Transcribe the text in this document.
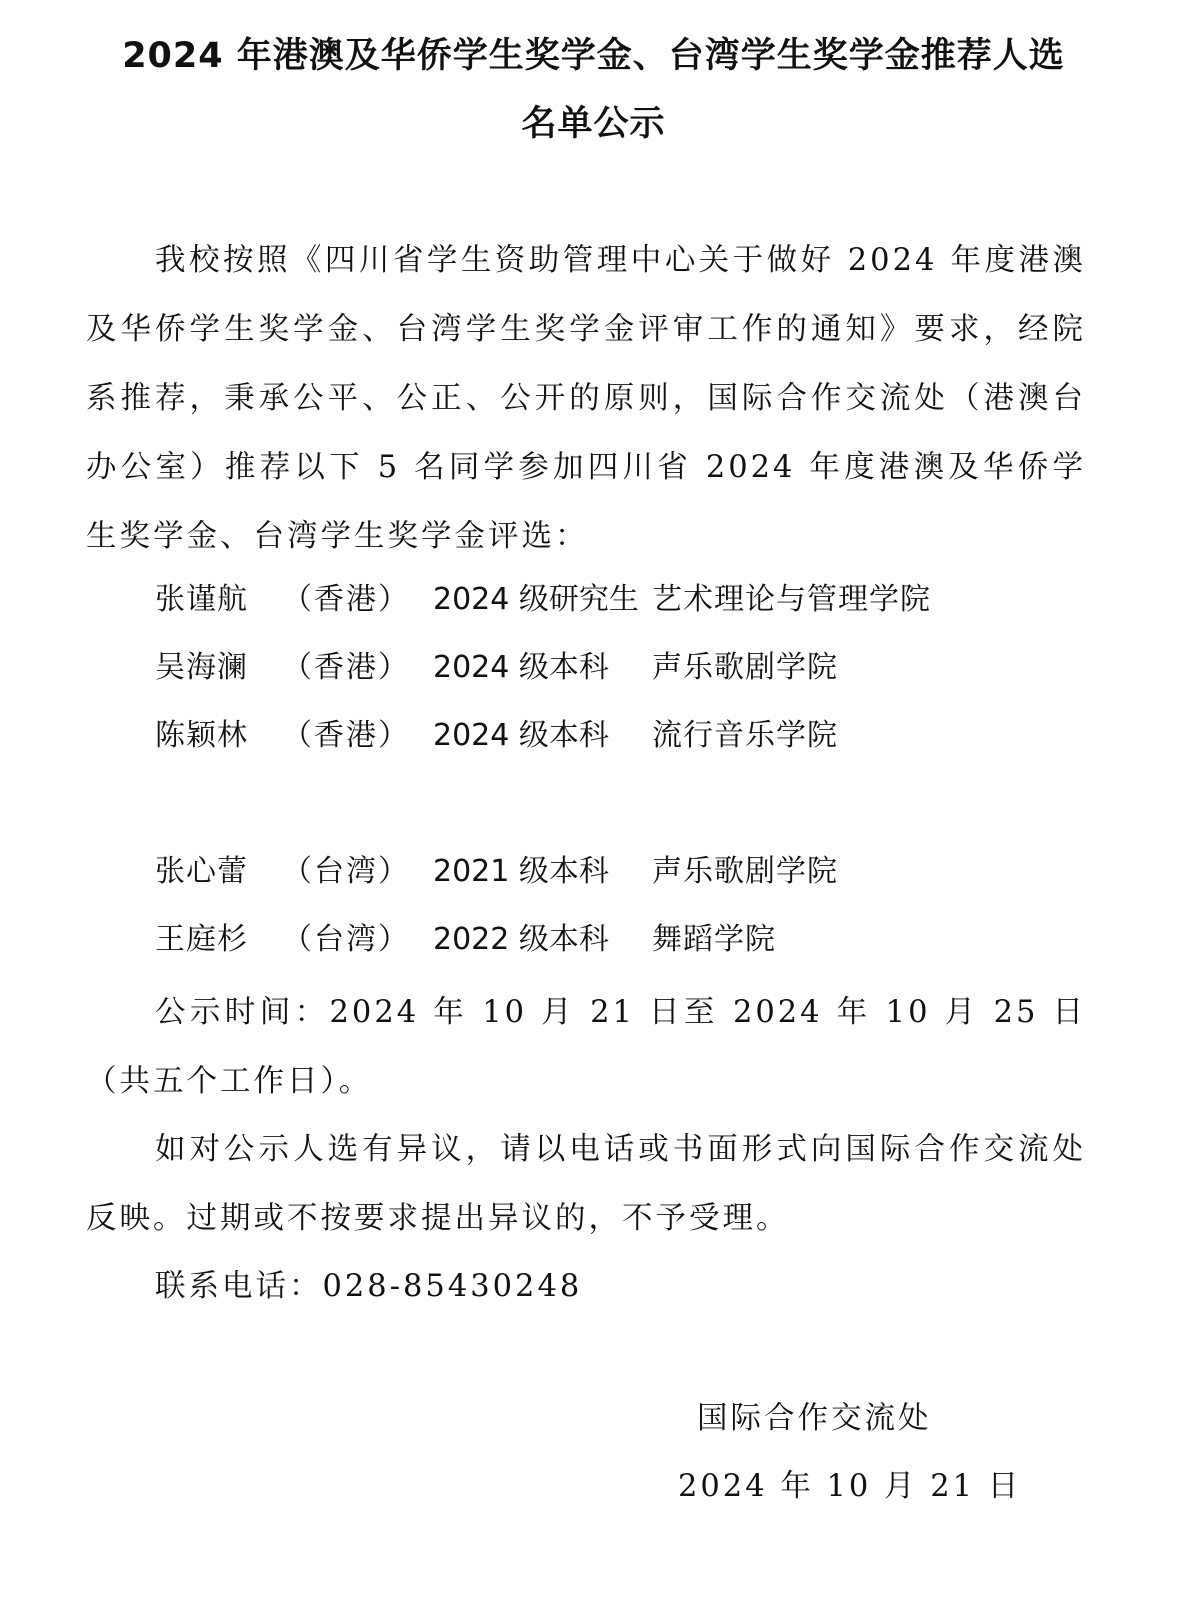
2024 年港澳及华侨学生奖学金、台湾学生奖学金推荐人选
名单公示
我校按照《四川省学生资助管理中心关于做好 2024 年度港澳及华侨学生奖学金、台湾学生奖学金评审工作的通知》要求，经院系推荐，秉承公平、公正、公开的原则，国际合作交流处（港澳台办公室）推荐以下 5 名同学参加四川省 2024 年度港澳及华侨学生奖学金、台湾学生奖学金评选：
张谨航 （香港） 2024 级研究生 艺术理论与管理学院
吴海澜 （香港） 2024 级本科 声乐歌剧学院
陈颖林 （香港） 2024 级本科 流行音乐学院
张心蕾 （台湾） 2021 级本科 声乐歌剧学院
王庭杉 （台湾） 2022 级本科 舞蹈学院
公示时间：2024 年 10 月 21 日至 2024 年 10 月 25 日（共五个工作日）。
如对公示人选有异议，请以电话或书面形式向国际合作交流处反映。过期或不按要求提出异议的，不予受理。
联系电话：028-85430248
国际合作交流处
2024 年 10 月 21 日
